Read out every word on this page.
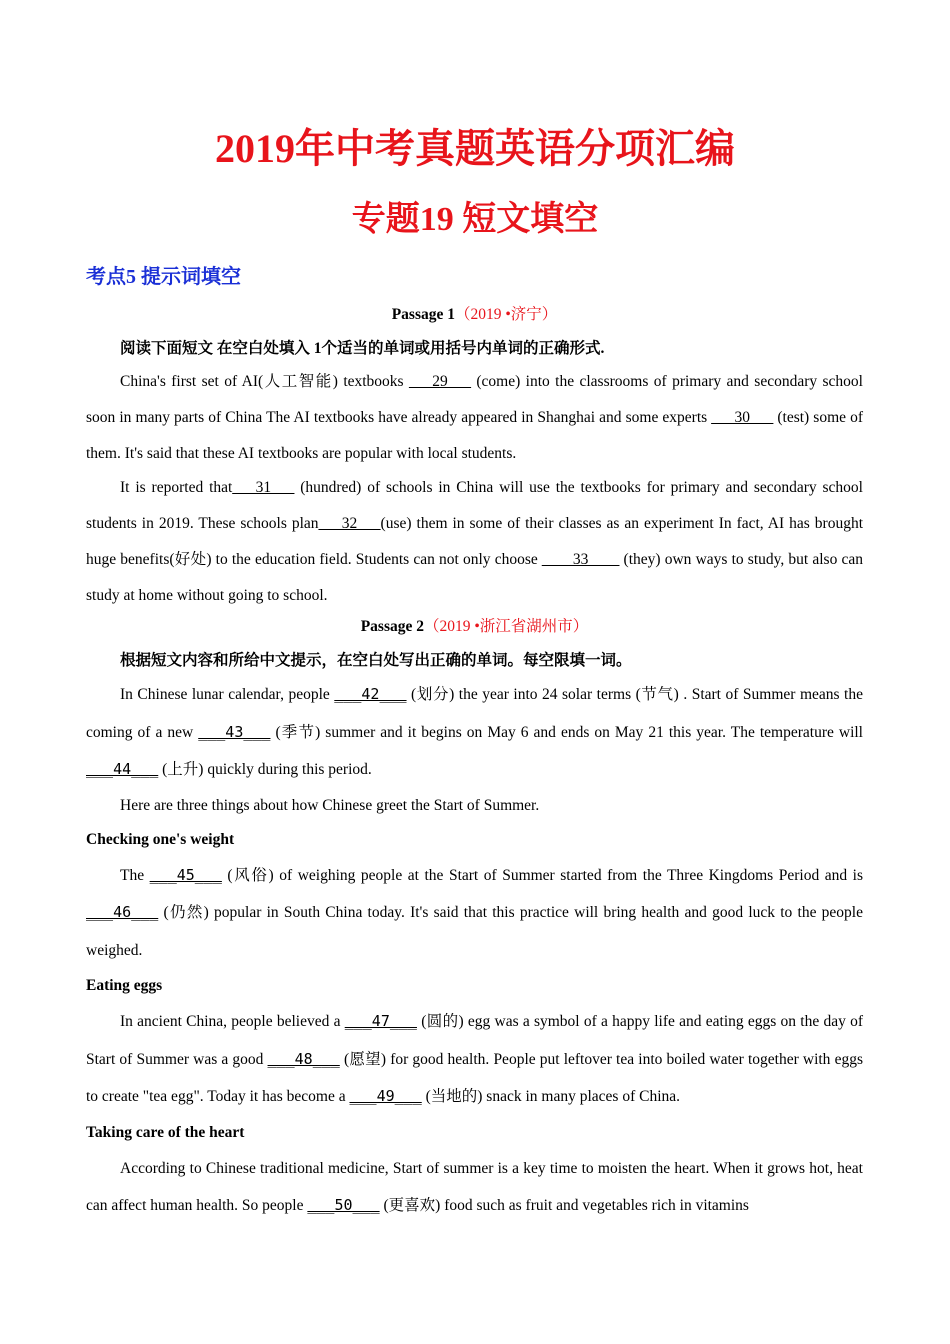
2019年中考真题英语分项汇编
专题19 短文填空
考点5 提示词填空
Passage 1（2019 •济宁）
阅读下面短文 在空白处填入 1个适当的单词或用括号内单词的正确形式.
China's first set of AI(人工智能) textbooks ___29___ (come) into the classrooms of primary and secondary school soon in many parts of China The AI textbooks have already appeared in Shanghai and some experts ___30___ (test) some of them. It's said that these AI textbooks are popular with local students.
It is reported that___31___ (hundred) of schools in China will use the textbooks for primary and secondary school students in 2019. These schools plan___32___(use) them in some of their classes as an experiment In fact, AI has brought huge benefits(好处) to the education field. Students can not only choose ____33____ (they) own ways to study, but also can study at home without going to school.
Passage 2（2019 •浙江省湖州市）
根据短文内容和所给中文提示，在空白处写出正确的单词。每空限填一词。
In Chinese lunar calendar, people ___42___ (划分) the year into 24 solar terms (节气) . Start of Summer means the coming of a new ___43___ (季节) summer and it begins on May 6 and ends on May 21 this year. The temperature will ___44___ (上升) quickly during this period.
Here are three things about how Chinese greet the Start of Summer.
Checking one's weight
The ___45___ (风俗) of weighing people at the Start of Summer started from the Three Kingdoms Period and is ___46___ (仍然) popular in South China today. It's said that this practice will bring health and good luck to the people weighed.
Eating eggs
In ancient China, people believed a ___47___ (圆的) egg was a symbol of a happy life and eating eggs on the day of Start of Summer was a good ___48___ (愿望) for good health. People put leftover tea into boiled water together with eggs to create "tea egg". Today it has become a ___49___ (当地的) snack in many places of China.
Taking care of the heart
According to Chinese traditional medicine, Start of summer is a key time to moisten the heart. When it grows hot, heat can affect human health. So people ___50___ (更喜欢) food such as fruit and vegetables rich in vitamins
